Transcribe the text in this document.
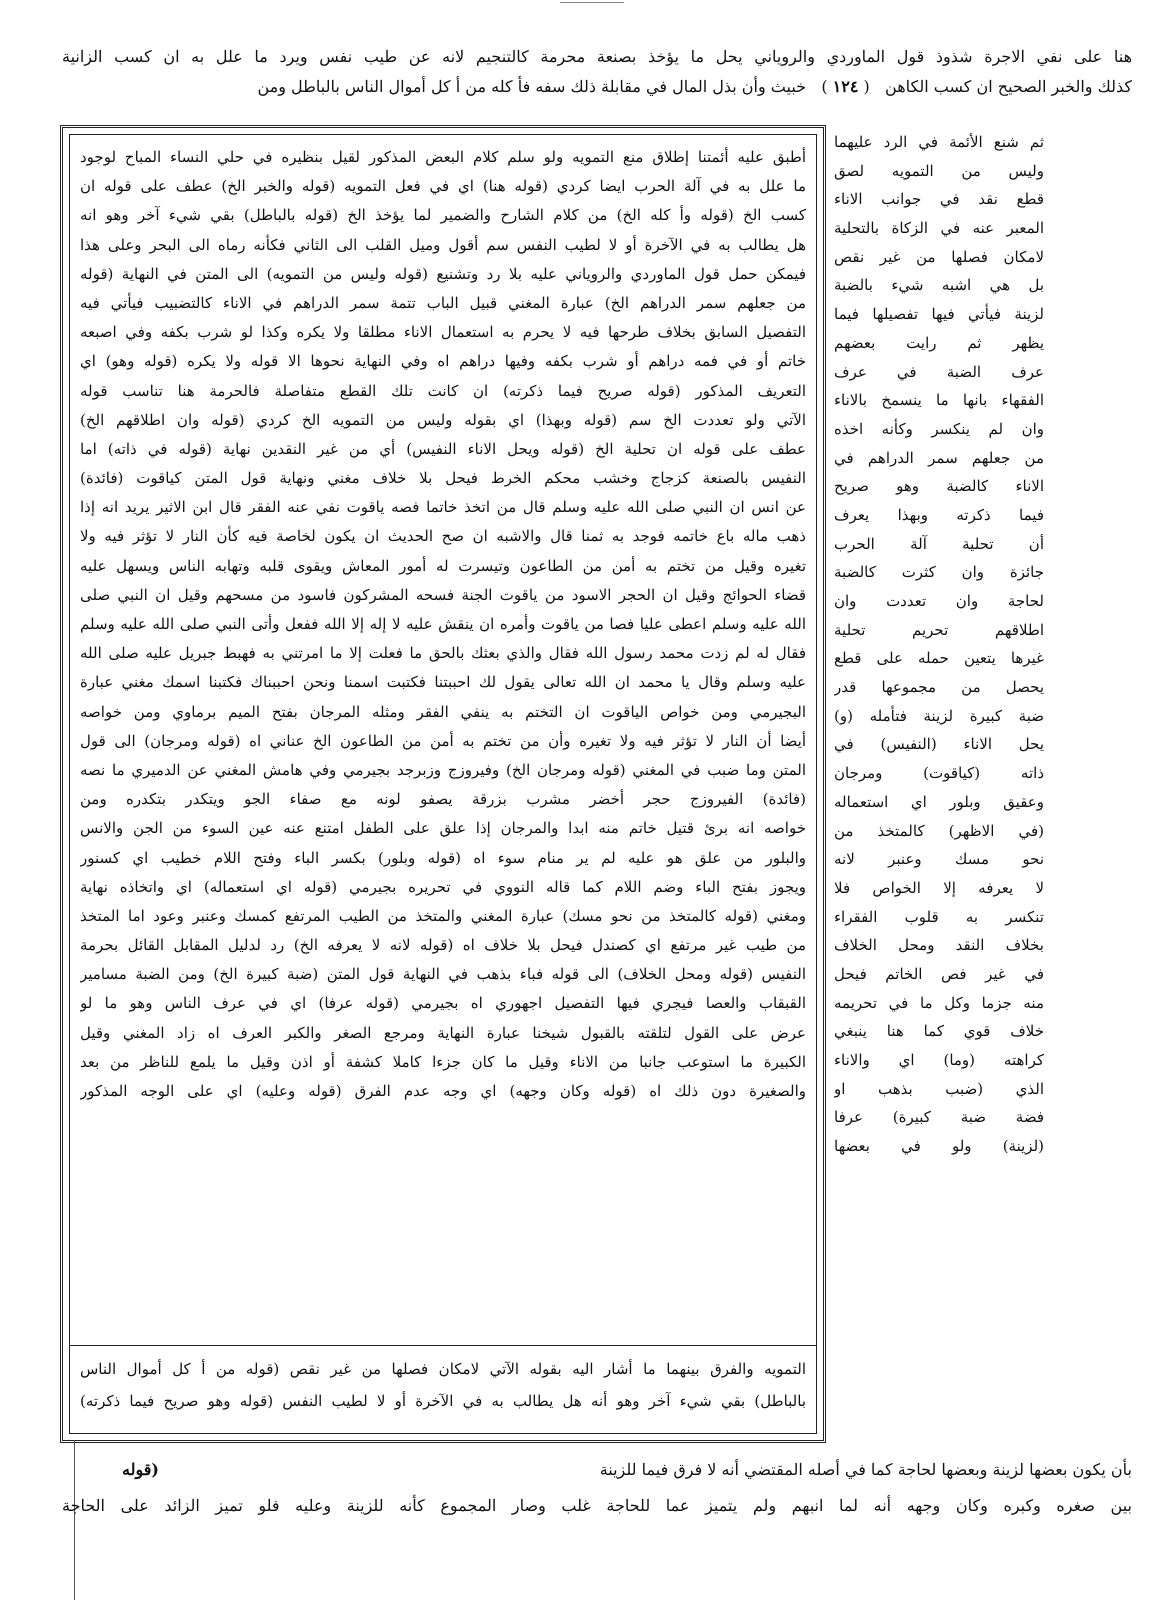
هنا على نفي الاجرة شذوذ قول الماوردي والروياني يحل ما يؤخذ بصنعة محرمة كالتنجيم لانه عن طيب نفس ويرد ما علل به ان كسب الزانية
كذلك والخبر الصحيح ان كسب الكاهن   ( ١٢٤ )   خبيث وأن بذل المال في مقابلة ذلك سفه فأ كله من أ كل أموال الناس بالباطل ومن
أطبق عليه أئمتنا إطلاق منع التمويه ولو سلم كلام البعض المذكور لقيل بنظيره في حلي النساء المباح لوجود
ما علل به في آلة الحرب ايضا كردي (قوله هنا) اي في فعل التمويه (قوله والخبر الخ) عطف على قوله ان
كسب الخ (قوله وأ كله الخ) من كلام الشارح والضمير لما يؤخذ الخ (قوله بالباطل) بقي شيء آخر وهو انه
هل يطالب به في الآخرة أو لا لطيب النفس سم أقول وميل القلب الى الثاني فكأنه رماه الى البحر وعلى هذا
فيمكن حمل قول الماوردي والروياني عليه بلا رد وتشنيع (قوله وليس من التمويه) الى المتن في النهاية (قوله
من جعلهم سمر الدراهم الخ) عبارة المغني قبيل الباب تتمة سمر الدراهم في الاناء كالتضبيب فيأتي فيه
التفصيل السابق بخلاف طرحها فيه لا يحرم به استعمال الاناء مطلقا ولا يكره وكذا لو شرب بكفه وفي اصبعه
خاتم أو في فمه دراهم أو شرب بكفه وفيها دراهم اه وفي النهاية نحوها الا قوله ولا يكره (قوله وهو) اي
التعريف المذكور (قوله صريح فيما ذكرته) ان كانت تلك القطع متفاصلة فالحرمة هنا تناسب قوله
الآتي ولو تعددت الخ سم (قوله وبهذا) اي بقوله وليس من التمويه الخ كردي (قوله وان اطلاقهم الخ)
عطف على قوله ان تحلية الخ (قوله ويحل الاناء النفيس) أي من غير النقدين نهاية (قوله في ذاته) اما
النفيس بالصنعة كزجاج وخشب محكم الخرط فيحل بلا خلاف مغني ونهاية قول المتن كياقوت (فائدة)
عن انس ان النبي صلى الله عليه وسلم قال من اتخذ خاتما فصه ياقوت نفي عنه الفقر قال ابن الاثير يريد انه إذا
ذهب ماله باع خاتمه فوجد به ثمنا قال والاشبه ان صح الحديث ان يكون لخاصة فيه كأن النار لا تؤثر فيه ولا
تغيره وقيل من تختم به أمن من الطاعون وتيسرت له أمور المعاش ويقوى قلبه وتهابه الناس ويسهل عليه
قضاء الحوائج وقيل ان الحجر الاسود من ياقوت الجنة فسحه المشركون فاسود من مسحهم وقيل ان النبي صلى
الله عليه وسلم اعطى عليا فصا من ياقوت وأمره ان ينقش عليه لا إله إلا الله ففعل وأتى النبي صلى الله عليه وسلم
فقال له لم زدت محمد رسول الله فقال والذي بعثك بالحق ما فعلت إلا ما امرتني به فهبط جبريل عليه صلى الله
عليه وسلم وقال يا محمد ان الله تعالى يقول لك احببتنا فكتبت اسمنا ونحن احببناك فكتبنا اسمك مغني عبارة
البجيرمي ومن خواص الياقوت ان التختم به ينفي الفقر ومثله المرجان بفتح الميم برماوي ومن خواصه
أيضا أن النار لا تؤثر فيه ولا تغيره وأن من تختم به أمن من الطاعون الخ عناني اه (قوله ومرجان) الى قول
المتن وما ضبب في المغني (قوله ومرجان الخ) وفيروزج وزبرجد بجيرمي وفي هامش المغني عن الدميري ما نصه
(فائدة) الفيروزج حجر أخضر مشرب بزرقة يصفو لونه مع صفاء الجو ويتكدر بتكدره ومن
خواصه انه برئ قتيل خاتم منه ابدا والمرجان إذا علق على الطفل امتنع عنه عين السوء من الجن والانس
والبلور من علق هو عليه لم ير منام سوء اه (قوله وبلور) بكسر الباء وفتح اللام خطيب اي كسنور
ويجوز بفتح الباء وضم اللام كما قاله النووي في تحريره بجيرمي (قوله اي استعماله) اي واتخاذه نهاية
ومغني (قوله كالمتخذ من نحو مسك) عبارة المغني والمتخذ من الطيب المرتفع كمسك وعنبر وعود اما المتخذ
من طيب غير مرتفع اي كصندل فيحل بلا خلاف اه (قوله لانه لا يعرفه الخ) رد لدليل المقابل القائل بحرمة
النفيس (قوله ومحل الخلاف) الى قوله فباء بذهب في النهاية قول المتن (ضبة كبيرة الخ) ومن الضبة مسامير
القبقاب والعصا فيجري فيها التفصيل اجهوري اه بجيرمي (قوله عرفا) اي في عرف الناس وهو ما لو
عرض على القول لتلقته بالقبول شيخنا عبارة النهاية ومرجع الصغر والكبر العرف اه زاد المغني وقيل
الكبيرة ما استوعب جانبا من الاناء وقيل ما كان جزءا كاملا كشفة أو اذن وقيل ما يلمع للناظر من بعد
والصغيرة دون ذلك اه (قوله وكان وجهه) اي وجه عدم الفرق (قوله وعليه) اي على الوجه المذكور
التمويه والفرق بينهما ما أشار اليه بقوله الآتي لامكان فصلها من غير نقص (قوله من أ كل أموال الناس
بالباطل) بقي شيء آخر وهو أنه هل يطالب به في الآخرة أو لا لطيب النفس (قوله وهو صريح فيما ذكرته)
ثم شنع الأئمة في الرد عليهما
وليس من التمويه لصق
قطع نقد في جوانب الاناء
المعبر عنه في الزكاة بالتحلية
لامكان فصلها من غير نقص
بل هي اشبه شيء بالضبة
لزينة فيأتي فيها تفصيلها فيما
يظهر ثم رايت بعضهم
عرف الضبة في عرف
الفقهاء بانها ما ينسمخ بالاناء
وان لم ينكسر وكأنه اخذه
من جعلهم سمر الدراهم في
الاناء كالضبة وهو صريح
فيما ذكرته وبهذا يعرف
أن تحلية آلة الحرب
جائزة وان كثرت كالضبة
لحاجة وان تعددت وان
اطلاقهم تحريم تحلية
غيرها يتعين حمله على قطع
يحصل من مجموعها قدر
ضبة كبيرة لزينة فتأمله (و)
يحل الاناء (النفيس) في
ذاته (كياقوت) ومرجان
وعقيق وبلور اي استعماله
(في الاظهر) كالمتخذ من
نحو مسك وعنبر لانه
لا يعرفه إلا الخواص فلا
تنكسر به قلوب الفقراء
بخلاف النقد ومحل الخلاف
في غير فص الخاتم فيحل
منه جزما وكل ما في تحريمه
خلاف قوي كما هنا ينبغي
كراهته (وما) اي والاناء
الذي (ضبب بذهب او
فضة ضبة كبيرة) عرفا
(لزينة) ولو في بعضها
بأن يكون بعضها لزينة وبعضها لحاجة كما في أصله المقتضي أنه لا فرق فيما للزينة
(قوله
بين صغره وكبره وكان وجهه أنه لما انبهم ولم يتميز عما للحاجة غلب وصار المجموع كأنه للزينة وعليه فلو تميز الزائد على الحاجة
